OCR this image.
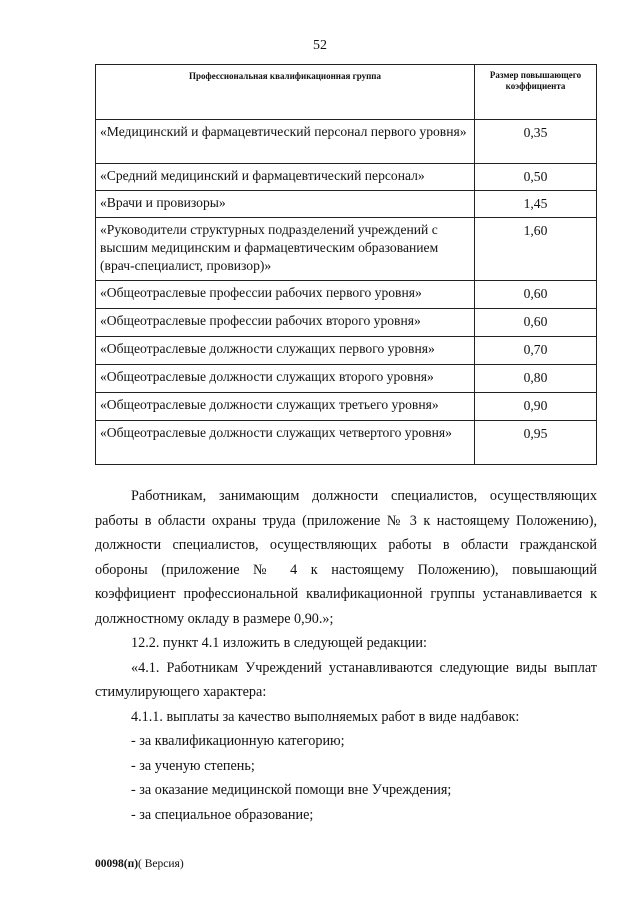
52
Профессиональная квалификационная группа	Размер повышающего коэффициента
«Медицинский и фармацевтический персонал первого уровня»	0,35
«Средний медицинский и фармацевтический персонал»	0,50
«Врачи и провизоры»	1,45
«Руководители структурных подразделений учреждений с высшим медицинским и фармацевтическим образованием (врач-специалист, провизор)»	1,60
«Общеотраслевые профессии рабочих первого уровня»	0,60
«Общеотраслевые профессии рабочих второго уровня»	0,60
«Общеотраслевые должности служащих первого уровня»	0,70
«Общеотраслевые должности служащих второго уровня»	0,80
«Общеотраслевые должности служащих третьего уровня»	0,90
«Общеотраслевые должности служащих четвертого уровня»	0,95

Работникам, занимающим должности специалистов, осуществляющих работы в области охраны труда (приложение № 3 к настоящему Положению), должности специалистов, осуществляющих работы в области гражданской обороны (приложение № 4 к настоящему Положению), повышающий коэффициент профессиональной квалификационной группы устанавливается к должностному окладу в размере 0,90.»;

12.2. пункт 4.1 изложить в следующей редакции:

«4.1. Работникам Учреждений устанавливаются следующие виды выплат стимулирующего характера:

4.1.1. выплаты за качество выполняемых работ в виде надбавок:

- за квалификационную категорию;

- за ученую степень;

- за оказание медицинской помощи вне Учреждения;

- за специальное образование;

00098(п)( Версия)
